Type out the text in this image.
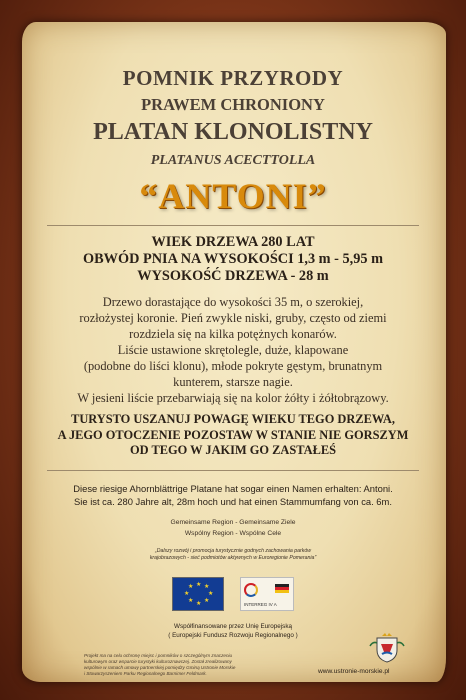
POMNIK PRZYRODY
PRAWEM CHRONIONY
PLATAN KLONOLISTNY
PLATANUS ACECTTOLLA
“ANTONI”
WIEK DRZEWA 280 LAT
OBWÓD PNIA NA WYSOKOŚCI 1,3 m - 5,95 m
WYSOKOŚĆ DRZEWA - 28 m
Drzewo dorastające do wysokości 35 m, o szerokiej,
rozłożystej koronie. Pień zwykle niski, gruby, często od ziemi
rozdziela się na kilka potężnych konarów.
Liście ustawione skrętolegle, duże, klapowane
(podobne do liści klonu), młode pokryte gęstym, brunatnym
kunterem, starsze nagie.
W jesieni liście przebarwiają się na kolor żółty i żółtobrązowy.
TURYSTO USZANUJ POWAGĘ WIEKU TEGO DRZEWA,
A JEGO OTOCZENIE POZOSTAW W STANIE NIE GORSZYM
OD TEGO W JAKIM GO ZASTAŁEŚ
Diese riesige Ahornblättrige Platane hat sogar einen Namen erhalten: Antoni.
Sie ist ca. 280 Jahre alt, 28m hoch und hat einen Stammumfang von ca. 6m.
Gemeinsame Region - Gemeinsame Ziele
Wspólny Region - Wspólne Cele
„Dalszy rozwój i promocja turystycznie godnych zachowania parków
krajobrazowych - sieć podmiotów aktywnych w Euroregionie Pomerania”
★ ★
★
★
★
★
★
★
INTERREG IV A
Współfinansowane przez Unię Europejską
( Europejski Fundusz Rozwoju Regionalnego )
Projekt ma na celu ochronę miejsc i pomników o szczególnym znaczeniu
kulturowym oraz wsparcie turystyki kulturoznawczej. Został zrealizowany
wspólnie w ramach umowy partnerskiej pomiędzy Gminą Ustronie Morskie
i Stowarzyszeniem Parku Regionalnego Barnimer Feldmark.	www.ustronie-morskie.pl
